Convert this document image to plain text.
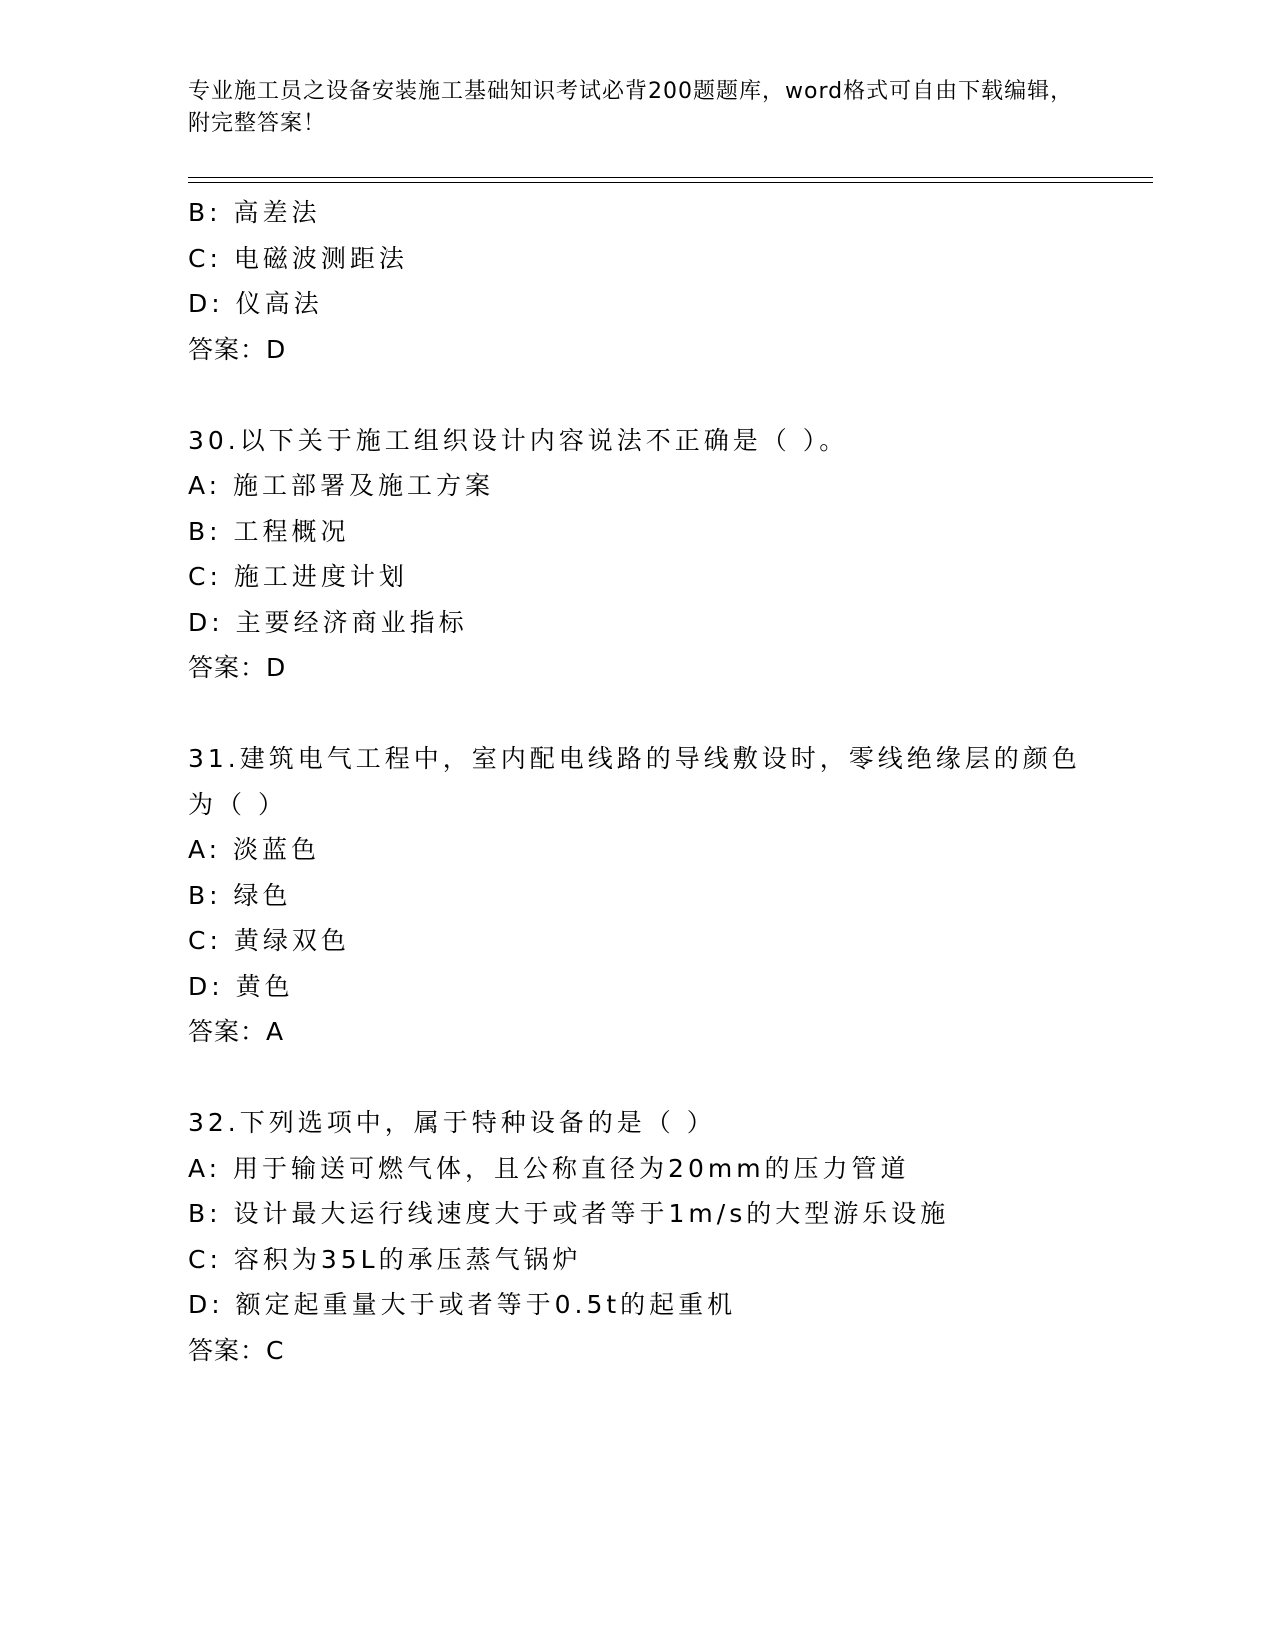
专业施工员之设备安装施工基础知识考试必背200题题库，word格式可自由下载编辑，附完整答案！
B: 高差法
C: 电磁波测距法
D: 仪高法
答案：D
30.以下关于施工组织设计内容说法不正确是（ ）。
A: 施工部署及施工方案
B: 工程概况
C: 施工进度计划
D: 主要经济商业指标
答案：D
31.建筑电气工程中，室内配电线路的导线敷设时，零线绝缘层的颜色
为（ ）
A: 淡蓝色
B: 绿色
C: 黄绿双色
D: 黄色
答案：A
32.下列选项中，属于特种设备的是（ ）
A: 用于输送可燃气体，且公称直径为20mm的压力管道
B: 设计最大运行线速度大于或者等于1m/s的大型游乐设施
C: 容积为35L的承压蒸气锅炉
D: 额定起重量大于或者等于0.5t的起重机
答案：C
